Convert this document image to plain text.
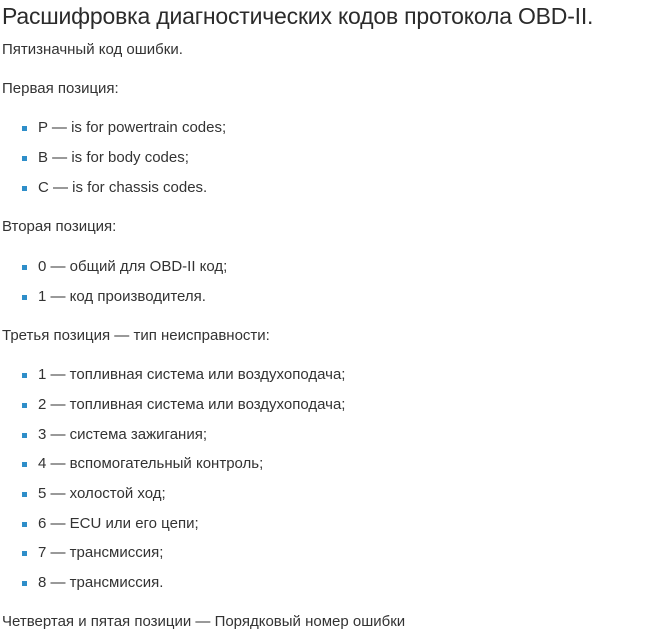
Расшифровка диагностических кодов протокола OBD-II.
Пятизначный код ошибки.
Первая позиция:
P — is for powertrain codes;
B — is for body codes;
C — is for chassis codes.
Вторая позиция:
0 — общий для OBD-II код;
1 — код производителя.
Третья позиция — тип неисправности:
1 — топливная система или воздухоподача;
2 — топливная система или воздухоподача;
3 — система зажигания;
4 — вспомогательный контроль;
5 — холостой ход;
6 — ECU или его цепи;
7 — трансмиссия;
8 — трансмиссия.
Четвертая и пятая позиции — Порядковый номер ошибки
